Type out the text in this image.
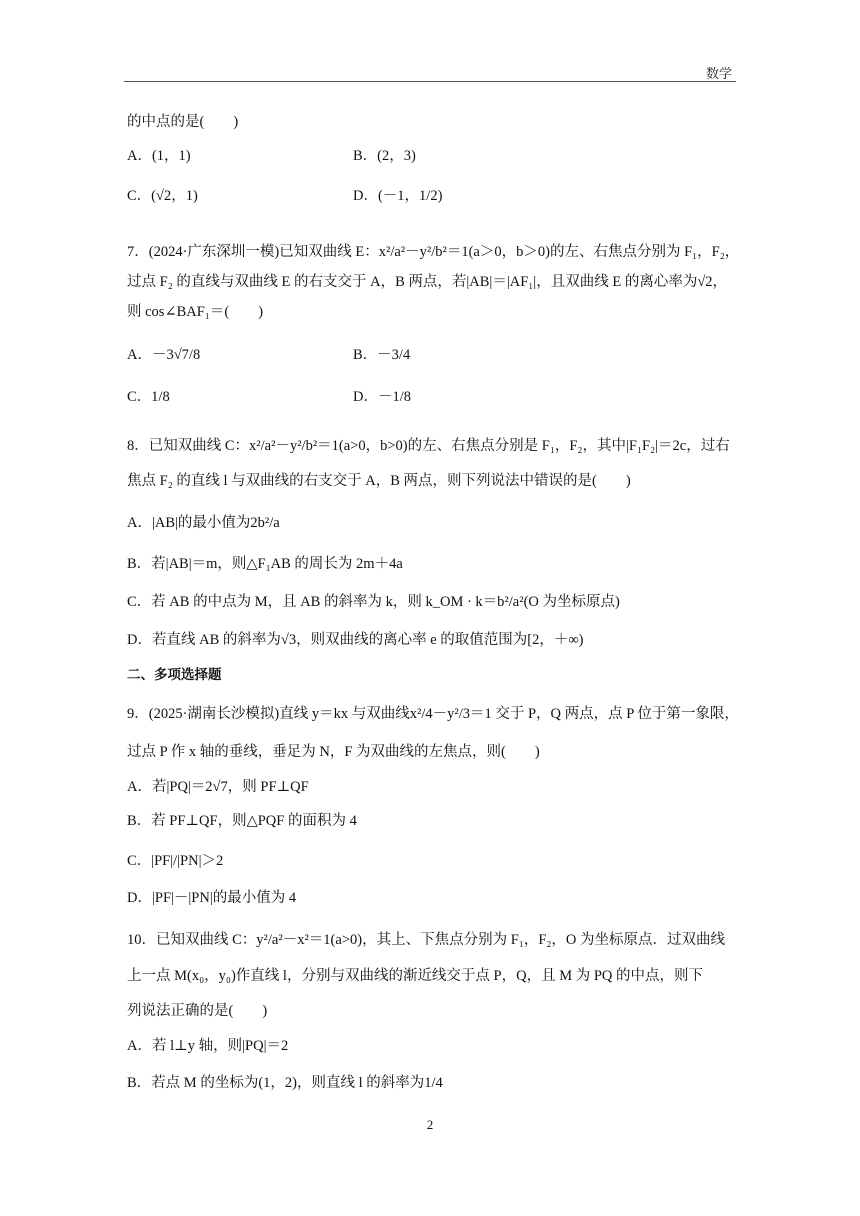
数学
的中点的是(　　)
A．(1，1)	B．(2，3)
C．(√2，1)	D．(－1，1/2)
7．(2024·广东深圳一模)已知双曲线 E：x²/a²－y²/b²＝1(a＞0，b＞0)的左、右焦点分别为 F₁，F₂，
过点 F₂ 的直线与双曲线 E 的右支交于 A，B 两点，若|AB|＝|AF₁|，且双曲线 E 的离心率为√2，
则 cos∠BAF₁＝(　　)
A．－3√7/8	B．－3/4
C．1/8	D．－1/8
8．已知双曲线 C：x²/a²－y²/b²＝1(a>0，b>0)的左、右焦点分别是 F₁，F₂，其中|F₁F₂|＝2c，过右
焦点 F₂ 的直线 l 与双曲线的右支交于 A，B 两点，则下列说法中错误的是(　　)
A．|AB|的最小值为2b²/a
B．若|AB|＝m，则△F₁AB 的周长为 2m＋4a
C．若 AB 的中点为 M，且 AB 的斜率为 k，则 k_OM · k＝b²/a²(O 为坐标原点)
D．若直线 AB 的斜率为√3，则双曲线的离心率 e 的取值范围为[2，＋∞)
二、多项选择题
9．(2025·湖南长沙模拟)直线 y＝kx 与双曲线x²/4－y²/3＝1 交于 P，Q 两点，点 P 位于第一象限，
过点 P 作 x 轴的垂线，垂足为 N，F 为双曲线的左焦点，则(　　)
A．若|PQ|＝2√7，则 PF⊥QF
B．若 PF⊥QF，则△PQF 的面积为 4
C．|PF|/|PN|＞2
D．|PF|－|PN|的最小值为 4
10．已知双曲线 C：y²/a²－x²＝1(a>0)，其上、下焦点分别为 F₁，F₂，O 为坐标原点．过双曲线
上一点 M(x₀，y₀)作直线 l，分别与双曲线的渐近线交于点 P，Q，且 M 为 PQ 的中点，则下
列说法正确的是(　　)
A．若 l⊥y 轴，则|PQ|＝2
B．若点 M 的坐标为(1，2)，则直线 l 的斜率为1/4
2
